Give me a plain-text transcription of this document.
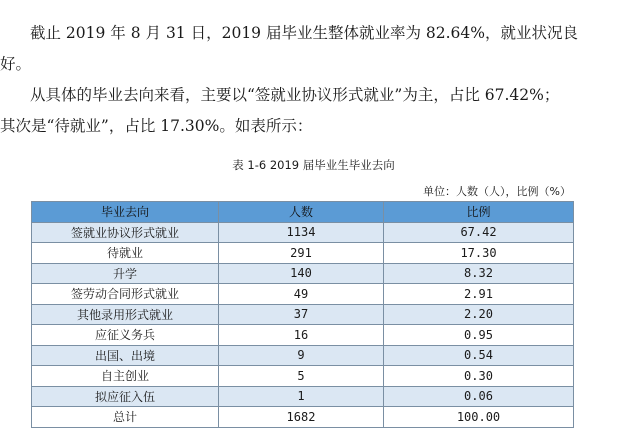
截止 2019 年 8 月 31 日，2019 届毕业生整体就业率为 82.64%，就业状况良
好。
从具体的毕业去向来看，主要以“签就业协议形式就业”为主，占比 67.42%；
其次是“待就业”，占比 17.30%。如表所示：
表 1-6 2019 届毕业生毕业去向
单位：人数（人），比例（%）
毕业去向	人数	比例
签就业协议形式就业	1134	67.42
待就业	291	17.30
升学	140	8.32
签劳动合同形式就业	49	2.91
其他录用形式就业	37	2.20
应征义务兵	16	0.95
出国、出境	9	0.54
自主创业	5	0.30
拟应征入伍	1	0.06
总计	1682	100.00
